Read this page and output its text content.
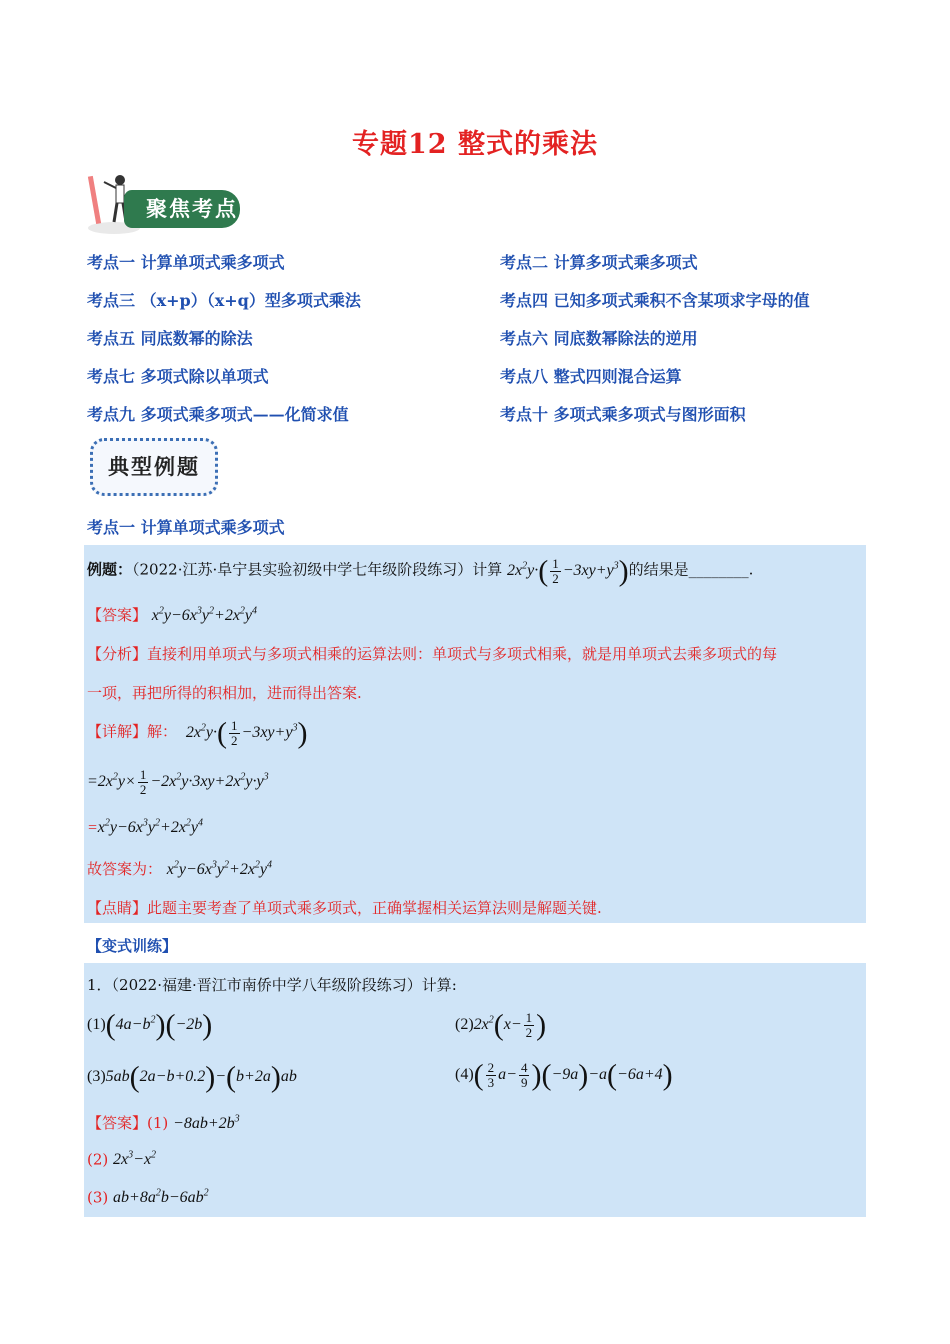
专题12 整式的乘法
聚焦考点
考点一 计算单项式乘多项式	考点二 计算多项式乘多项式
考点三 （x+p）（x+q）型多项式乘法	考点四 已知多项式乘积不含某项求字母的值
考点五 同底数幂的除法	考点六 同底数幂除法的逆用
考点七 多项式除以单项式	考点八 整式四则混合运算
考点九 多项式乘多项式——化简求值	考点十 多项式乘多项式与图形面积
典型例题
考点一 计算单项式乘多项式
例题：（2022·江苏·阜宁县实验初级中学七年级阶段练习）计算 $2x^2y\cdot( \frac{1}{2} -3xy+y^3)$的结果是________.
【答案】 $x^2y-6x^3y^2+2x^2y^4$
【分析】直接利用单项式与多项式相乘的运算法则：单项式与多项式相乘，就是用单项式去乘多项式的每
一项，再把所得的积相加，进而得出答案.
【详解】解：  $2x^2y\cdot( \frac{1}{2} -3xy+y^3)$
$=2x^2y\times \frac{1}{2} -2x^2y\cdot 3xy+2x^2y\cdot y^3$
$=x^2y-6x^3y^2+2x^2y^4$
故答案为： $x^2y-6x^3y^2+2x^2y^4$
【点睛】此题主要考查了单项式乘多项式，正确掌握相关运算法则是解题关键.
【变式训练】
1．（2022·福建·晋江市南侨中学八年级阶段练习）计算:
$(1)(4a-b^2)(-2b)$	$(2)2x^2(x- \frac{1}{2}$ )
(3)5ab(2a−b+0.2)−(b+2a)ab	$(4)( \frac{2}{3} a- \frac{4}{9} )(-9a)-a(-6a+4)$
【答案】$(1) -8ab+2b^3$
(2) $2x^3-x^2$
(3) $ab+8a^2b-6ab^2$
